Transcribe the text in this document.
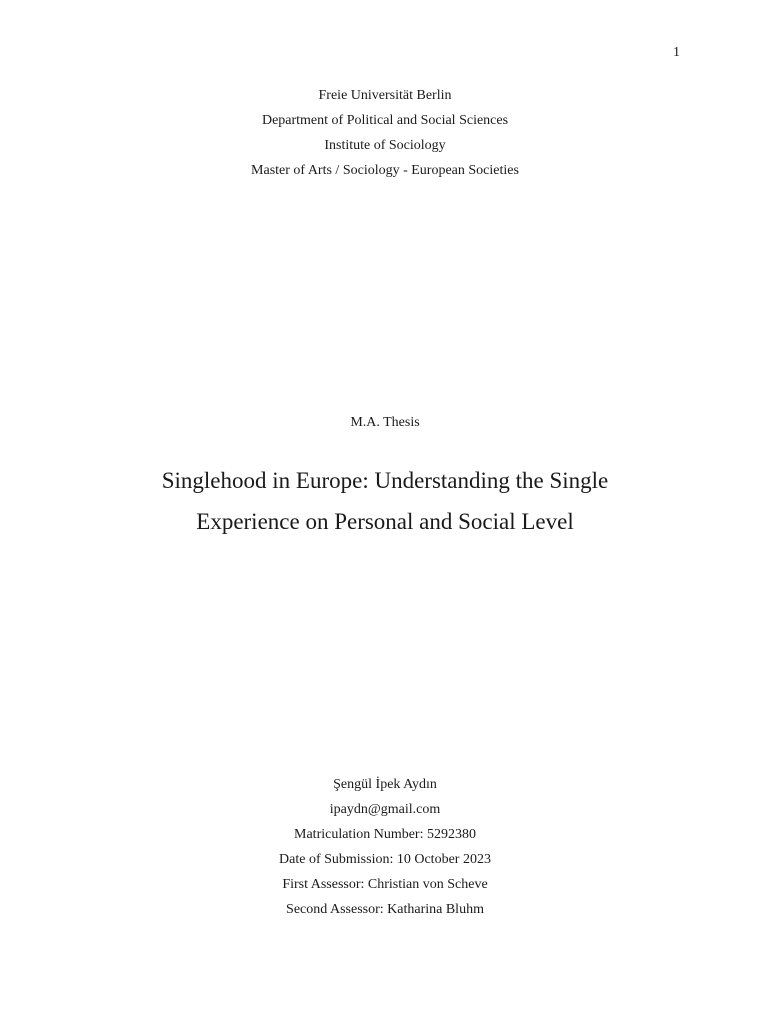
1
Freie Universität Berlin
Department of Political and Social Sciences
Institute of Sociology
Master of Arts / Sociology - European Societies
M.A. Thesis
Singlehood in Europe: Understanding the Single
Experience on Personal and Social Level
Şengül İpek Aydın
ipaydn@gmail.com
Matriculation Number: 5292380
Date of Submission: 10 October 2023
First Assessor: Christian von Scheve
Second Assessor: Katharina Bluhm
